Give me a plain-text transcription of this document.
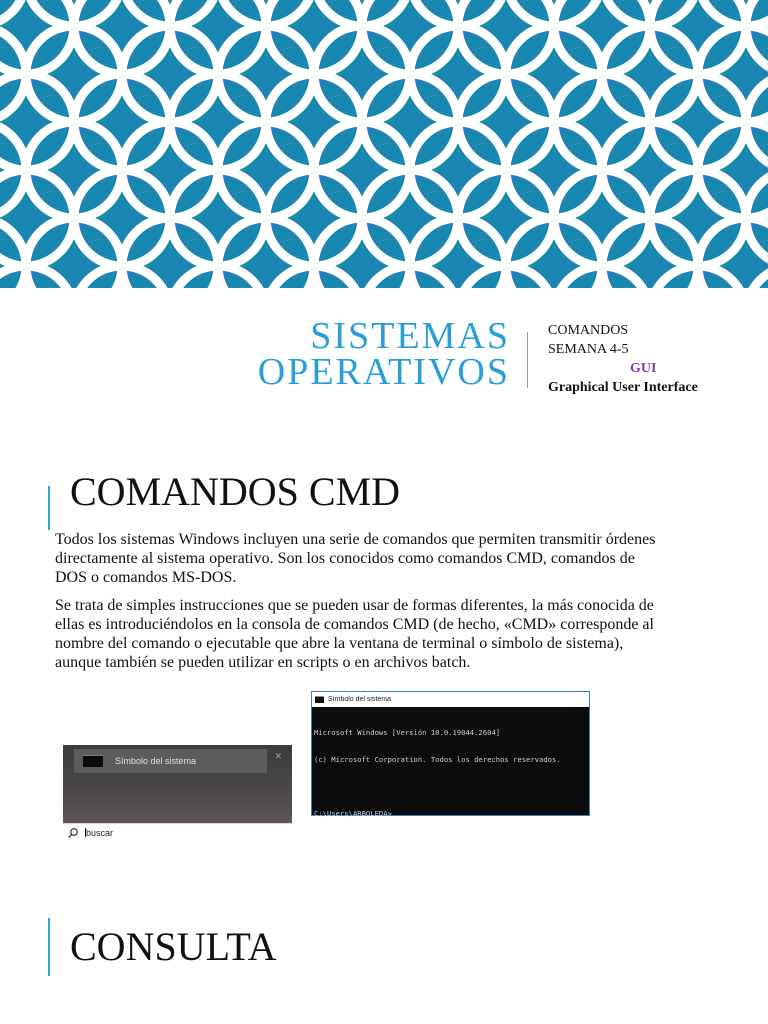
SISTEMAS
OPERATIVOS
COMANDOS
SEMANA 4-5
GUI
Graphical User Interface
COMANDOS CMD

Todos los sistemas Windows incluyen una serie de comandos que permiten transmitir órdenes directamente al sistema operativo. Son los conocidos como comandos CMD, comandos de DOS o comandos MS-DOS.

Se trata de simples instrucciones que se pueden usar de formas diferentes, la más conocida de ellas es introduciéndolos en la consola de comandos CMD (de hecho, «CMD» corresponde al nombre del comando o ejecutable que abre la ventana de terminal o símbolo de sistema), aunque también se pueden utilizar en scripts o en archivos batch.

Símbolo del sistema	✕
buscar
Símbolo del sistema

Microsoft Windows [Versión 10.0.19044.2604]

(c) Microsoft Corporation. Todos los derechos reservados.

C:\Users\ARBOLEDA>

CONSULTA
